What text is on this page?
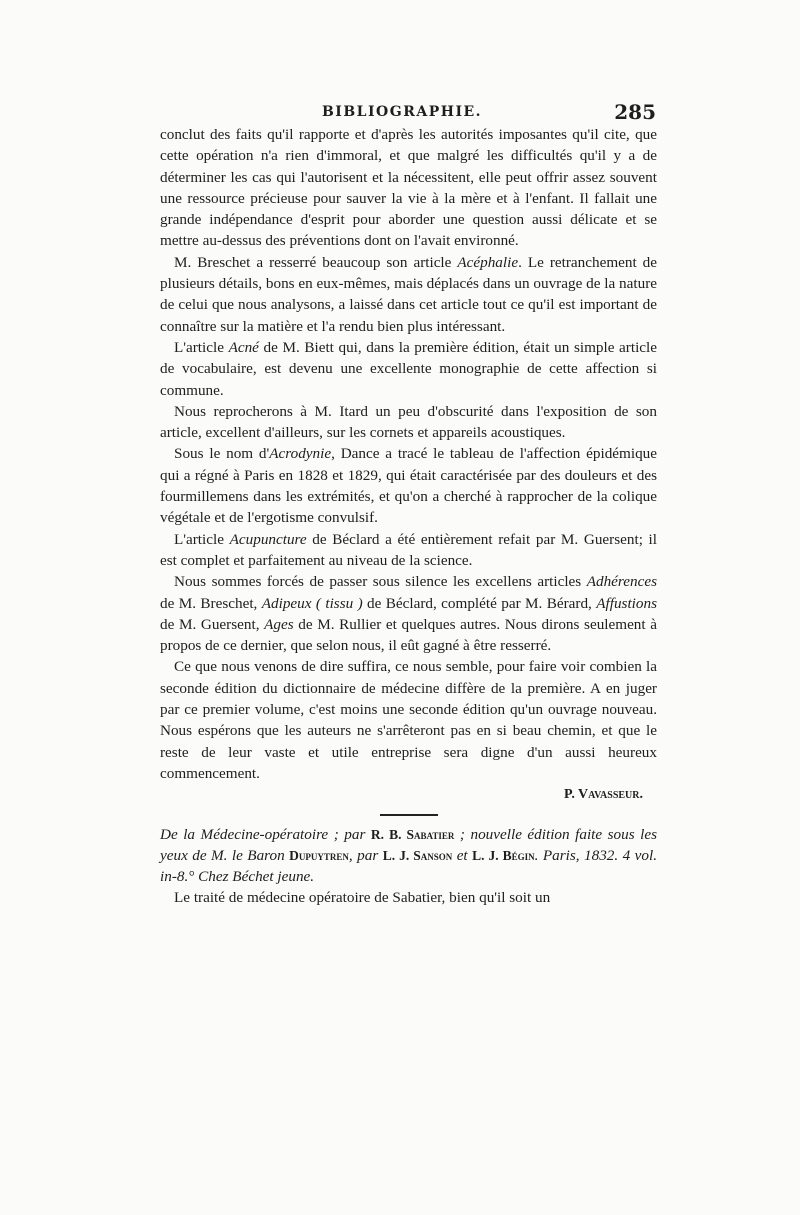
BIBLIOGRAPHIE.	285

conclut des faits qu'il rapporte et d'après les autorités imposantes qu'il cite, que cette opération n'a rien d'immoral, et que malgré les difficultés qu'il y a de déterminer les cas qui l'autorisent et la nécessitent, elle peut offrir assez souvent une ressource précieuse pour sauver la vie à la mère et à l'enfant. Il fallait une grande indépendance d'esprit pour aborder une question aussi délicate et se mettre au-dessus des préventions dont on l'avait environné.

M. Breschet a resserré beaucoup son article Acéphalie. Le retranchement de plusieurs détails, bons en eux-mêmes, mais déplacés dans un ouvrage de la nature de celui que nous analysons, a laissé dans cet article tout ce qu'il est important de connaître sur la matière et l'a rendu bien plus intéressant.

L'article Acné de M. Biett qui, dans la première édition, était un simple article de vocabulaire, est devenu une excellente monographie de cette affection si commune.

Nous reprocherons à M. Itard un peu d'obscurité dans l'exposition de son article, excellent d'ailleurs, sur les cornets et appareils acoustiques.

Sous le nom d'Acrodynie, Dance a tracé le tableau de l'affection épidémique qui a régné à Paris en 1828 et 1829, qui était caractérisée par des douleurs et des fourmillemens dans les extrémités, et qu'on a cherché à rapprocher de la colique végétale et de l'ergotisme convulsif.

L'article Acupuncture de Béclard a été entièrement refait par M. Guersent; il est complet et parfaitement au niveau de la science.

Nous sommes forcés de passer sous silence les excellens articles Adhérences de M. Breschet, Adipeux ( tissu ) de Béclard, complété par M. Bérard, Affustions de M. Guersent, Ages de M. Rullier et quelques autres. Nous dirons seulement à propos de ce dernier, que selon nous, il eût gagné à être resserré.

Ce que nous venons de dire suffira, ce nous semble, pour faire voir combien la seconde édition du dictionnaire de médecine diffère de la première. A en juger par ce premier volume, c'est moins une seconde édition qu'un ouvrage nouveau. Nous espérons que les auteurs ne s'arrêteront pas en si beau chemin, et que le reste de leur vaste et utile entreprise sera digne d'un aussi heureux commencement.

P. Vavasseur.

De la Médecine-opératoire ; par R. B. Sabatier ; nouvelle édition faite sous les yeux de M. le Baron Dupuytren, par L. J. Sanson et L. J. Bégin. Paris, 1832. 4 vol. in-8.° Chez Béchet jeune.

Le traité de médecine opératoire de Sabatier, bien qu'il soit un
